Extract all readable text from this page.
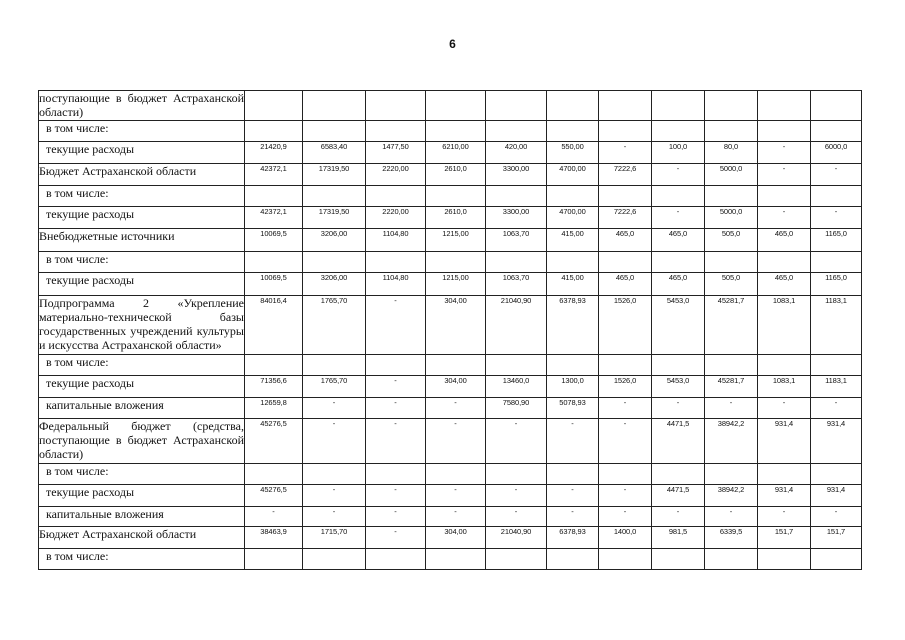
6
поступающие в бюджет Астраханской области)											
в том числе:											
текущие расходы	21420,9	6583,40	1477,50	6210,00	420,00	550,00	-	100,0	80,0	-	6000,0
Бюджет Астраханской области	42372,1	17319,50	2220,00	2610,0	3300,00	4700,00	7222,6	-	5000,0	-	-
в том числе:											
текущие расходы	42372,1	17319,50	2220,00	2610,0	3300,00	4700,00	7222,6	-	5000,0	-	-
Внебюджетные источники	10069,5	3206,00	1104,80	1215,00	1063,70	415,00	465,0	465,0	505,0	465,0	1165,0
в том числе:											
текущие расходы	10069,5	3206,00	1104,80	1215,00	1063,70	415,00	465,0	465,0	505,0	465,0	1165,0
Подпрограмма 2 «Укрепление материально-технической базы государственных учреждений культуры и искусства Астраханской области»	84016,4	1765,70	-	304,00	21040,90	6378,93	1526,0	5453,0	45281,7	1083,1	1183,1
в том числе:											
текущие расходы	71356,6	1765,70	-	304,00	13460,0	1300,0	1526,0	5453,0	45281,7	1083,1	1183,1
капитальные вложения	12659,8	-	-	-	7580,90	5078,93	-	-	-	-	-
Федеральный бюджет (средства, поступающие в бюджет Астраханской области)	45276,5	-	-	-	-	-	-	4471,5	38942,2	931,4	931,4
в том числе:											
текущие расходы	45276,5	-	-	-	-	-	-	4471,5	38942,2	931,4	931,4
капитальные вложения	-	-	-	-	-	-	-	-	-	-	-
Бюджет Астраханской области	38463,9	1715,70	-	304,00	21040,90	6378,93	1400,0	981,5	6339,5	151,7	151,7
в том числе:											
